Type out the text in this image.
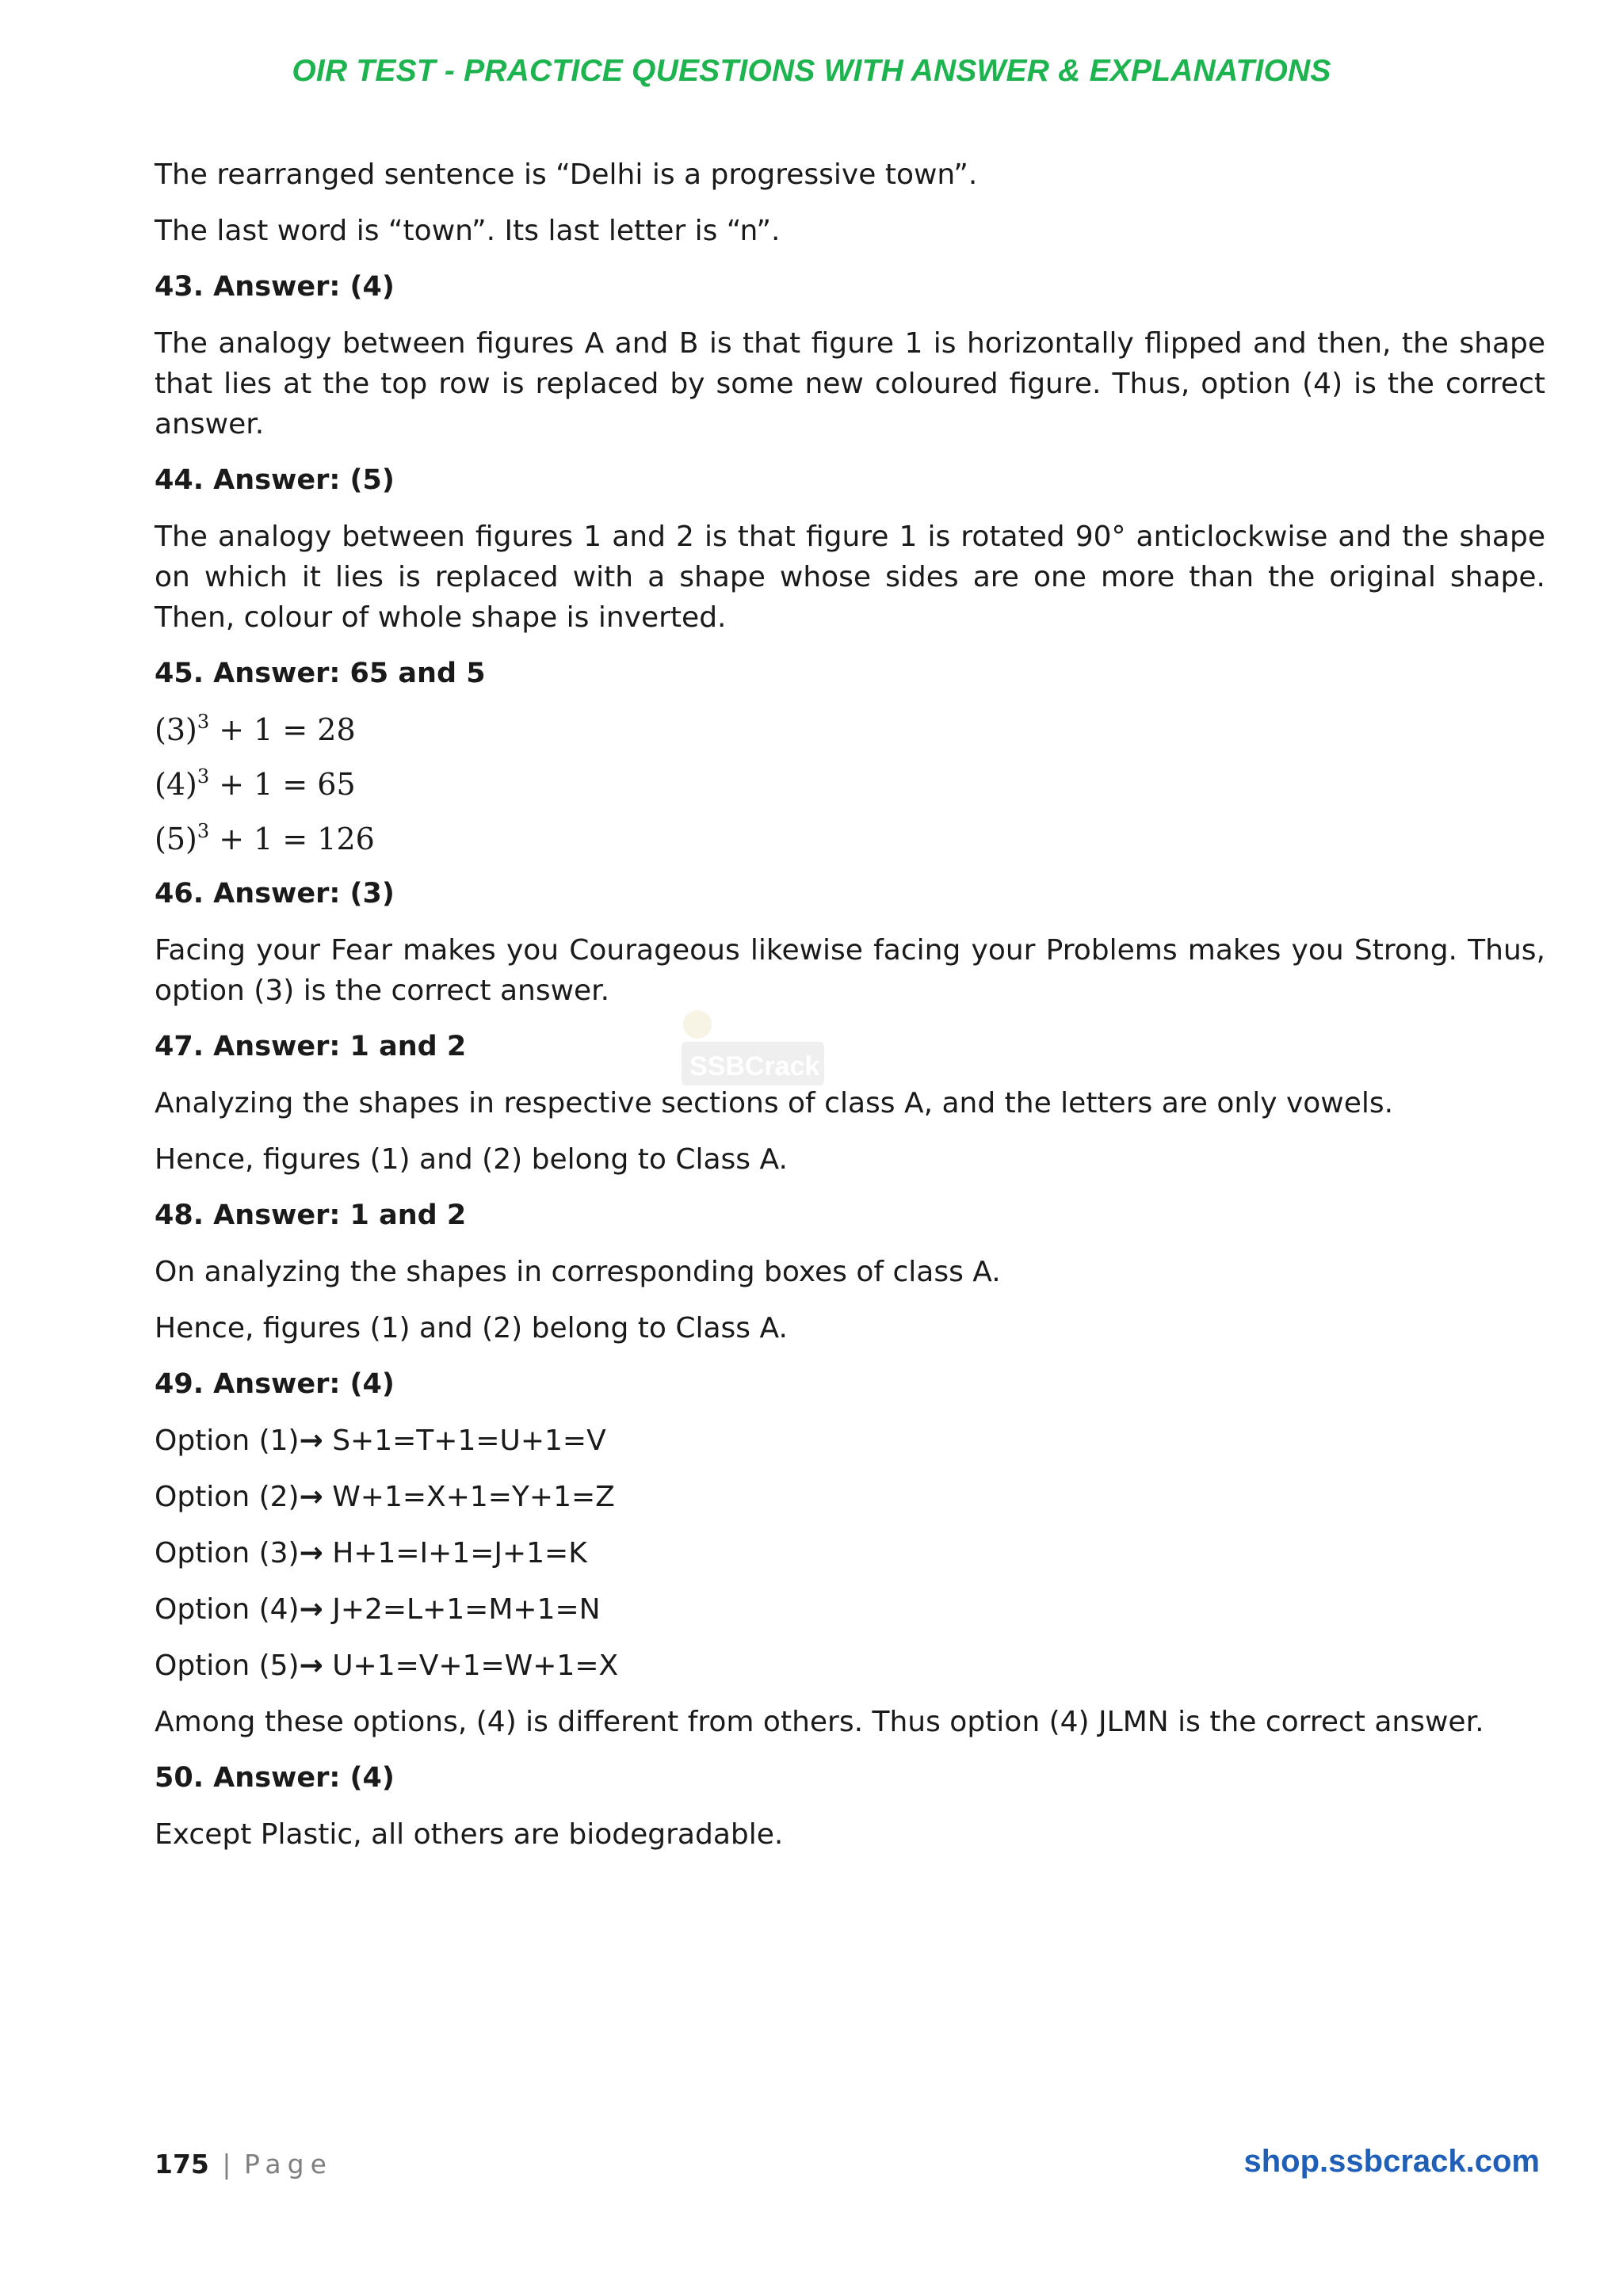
OIR TEST - PRACTICE QUESTIONS WITH ANSWER & EXPLANATIONS
SSBCrack SHOP

The rearranged sentence is “Delhi is a progressive town”.

The last word is “town”. Its last letter is “n”.

43. Answer: (4)

The analogy between figures A and B is that figure 1 is horizontally flipped and then, the shape that lies at the top row is replaced by some new coloured figure. Thus, option (4) is the correct answer.

44. Answer: (5)

The analogy between figures 1 and 2 is that figure 1 is rotated 90° anticlockwise and the shape on which it lies is replaced with a shape whose sides are one more than the original shape. Then, colour of whole shape is inverted.

45. Answer: 65 and 5

$(3)^3 + 1 = 28$

$(4)^3 + 1 = 65$

$(5)^3 + 1 = 126$

46. Answer: (3)

Facing your Fear makes you Courageous likewise facing your Problems makes you Strong. Thus, option (3) is the correct answer.

47. Answer: 1 and 2

Analyzing the shapes in respective sections of class A, and the letters are only vowels.

Hence, figures (1) and (2) belong to Class A.

48. Answer: 1 and 2

On analyzing the shapes in corresponding boxes of class A.

Hence, figures (1) and (2) belong to Class A.

49. Answer: (4)

Option (1)→ S+1=T+1=U+1=V

Option (2)→ W+1=X+1=Y+1=Z

Option (3)→ H+1=I+1=J+1=K

Option (4)→ J+2=L+1=M+1=N

Option (5)→ U+1=V+1=W+1=X

Among these options, (4) is different from others. Thus option (4) JLMN is the correct answer.

50. Answer: (4)

Except Plastic, all others are biodegradable.

175 | Page	shop.ssbcrack.com
